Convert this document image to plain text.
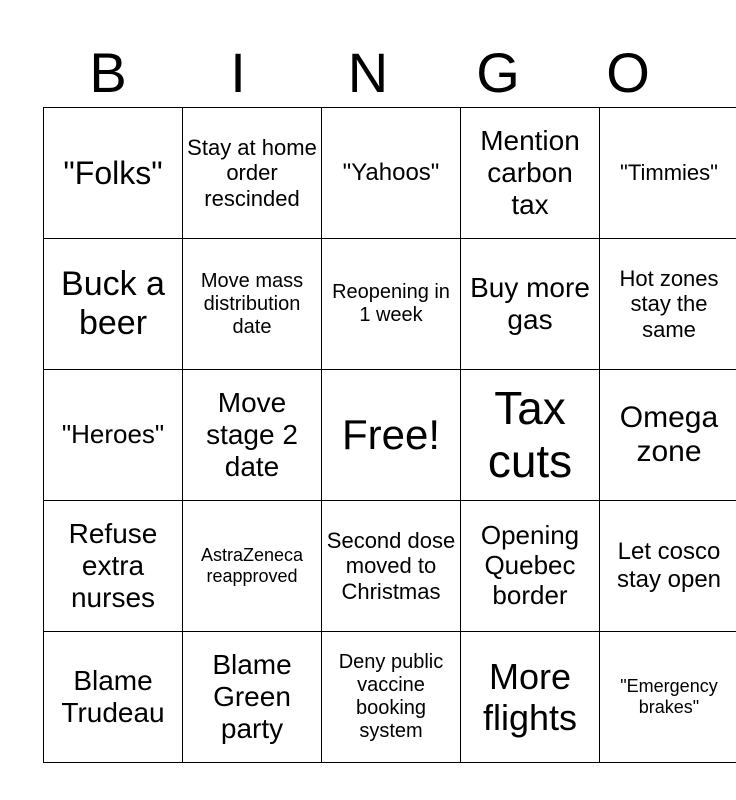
B	I	N	G	O
"Folks"	Stay at home order rescinded	"Yahoos"	Mention carbon tax	"Timmies"
Buck a beer	Move mass distribution date	Reopening in 1 week	Buy more gas	Hot zones stay the same
"Heroes"	Move stage 2 date	Free!	Tax cuts	Omega zone
Refuse extra nurses	AstraZeneca reapproved	Second dose moved to Christmas	Opening Quebec border	Let cosco stay open
Blame Trudeau	Blame Green party	Deny public vaccine booking system	More flights	"Emergency brakes"
